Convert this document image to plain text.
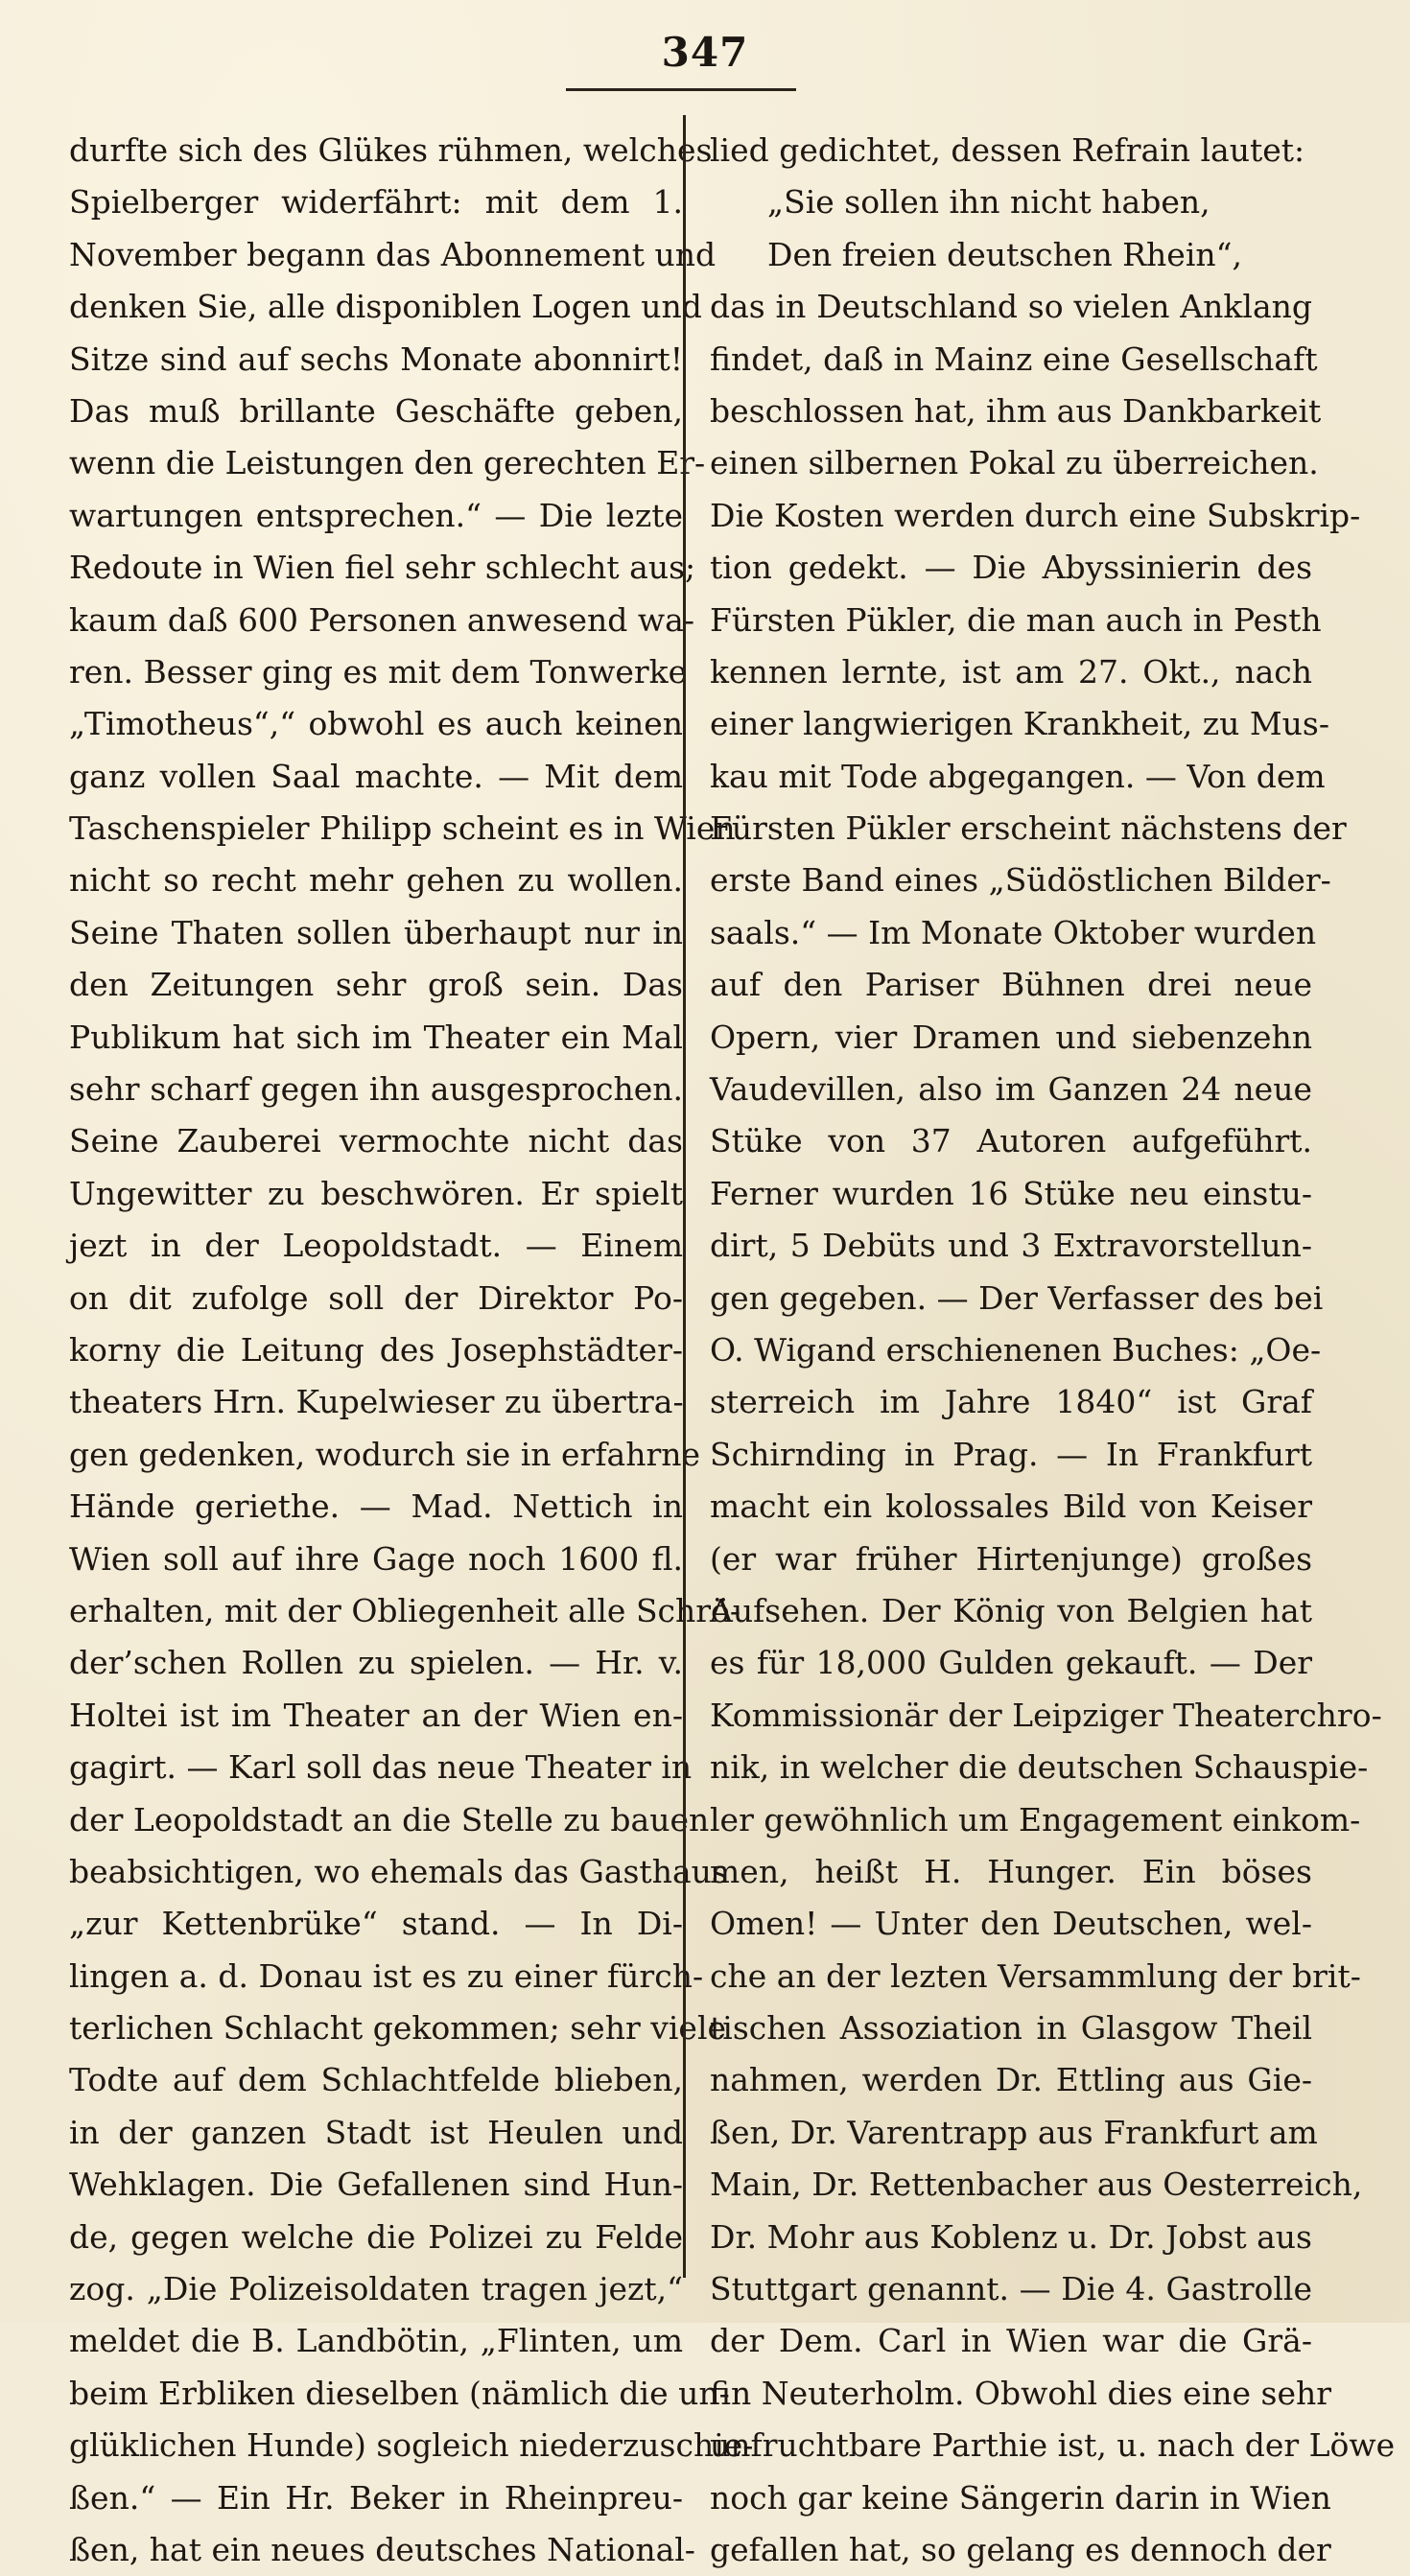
347
durfte sich des Glükes rühmen, welches
Spielberger widerfährt: mit dem 1.
November begann das Abonnement und
denken Sie, alle disponiblen Logen und
Sitze sind auf sechs Monate abonnirt!
Das muß brillante Geschäfte geben,
wenn die Leistungen den gerechten Er-
wartungen entsprechen.“ — Die lezte
Redoute in Wien fiel sehr schlecht aus;
kaum daß 600 Personen anwesend wa-
ren. Besser ging es mit dem Tonwerke
„Timotheus“,“ obwohl es auch keinen
ganz vollen Saal machte. — Mit dem
Taschenspieler Philipp scheint es in Wien
nicht so recht mehr gehen zu wollen.
Seine Thaten sollen überhaupt nur in
den Zeitungen sehr groß sein. Das
Publikum hat sich im Theater ein Mal
sehr scharf gegen ihn ausgesprochen.
Seine Zauberei vermochte nicht das
Ungewitter zu beschwören. Er spielt
jezt in der Leopoldstadt. — Einem
on dit zufolge soll der Direktor Po-
korny die Leitung des Josephstädter-
theaters Hrn. Kupelwieser zu übertra-
gen gedenken, wodurch sie in erfahrne
Hände geriethe. — Mad. Nettich in
Wien soll auf ihre Gage noch 1600 fl.
erhalten, mit der Obliegenheit alle Schrö-
der’schen Rollen zu spielen. — Hr. v.
Holtei ist im Theater an der Wien en-
gagirt. — Karl soll das neue Theater in
der Leopoldstadt an die Stelle zu bauen
beabsichtigen, wo ehemals das Gasthaus
„zur Kettenbrüke“ stand. — In Di-
lingen a. d. Donau ist es zu einer fürch-
terlichen Schlacht gekommen; sehr viele
Todte auf dem Schlachtfelde blieben,
in der ganzen Stadt ist Heulen und
Wehklagen. Die Gefallenen sind Hun-
de, gegen welche die Polizei zu Felde
zog. „Die Polizeisoldaten tragen jezt,“
meldet die B. Landbötin, „Flinten, um
beim Erbliken dieselben (nämlich die un-
glüklichen Hunde) sogleich niederzuschie-
ßen.“ — Ein Hr. Beker in Rheinpreu-
ßen, hat ein neues deutsches National-
lied gedichtet, dessen Refrain lautet:
„Sie sollen ihn nicht haben,
Den freien deutschen Rhein“,
das in Deutschland so vielen Anklang
findet, daß in Mainz eine Gesellschaft
beschlossen hat, ihm aus Dankbarkeit
einen silbernen Pokal zu überreichen.
Die Kosten werden durch eine Subskrip-
tion gedekt. — Die Abyssinierin des
Fürsten Pükler, die man auch in Pesth
kennen lernte, ist am 27. Okt., nach
einer langwierigen Krankheit, zu Mus-
kau mit Tode abgegangen. — Von dem
Fürsten Pükler erscheint nächstens der
erste Band eines „Südöstlichen Bilder-
saals.“ — Im Monate Oktober wurden
auf den Pariser Bühnen drei neue
Opern, vier Dramen und siebenzehn
Vaudevillen, also im Ganzen 24 neue
Stüke von 37 Autoren aufgeführt.
Ferner wurden 16 Stüke neu einstu-
dirt, 5 Debüts und 3 Extravorstellun-
gen gegeben. — Der Verfasser des bei
O. Wigand erschienenen Buches: „Oe-
sterreich im Jahre 1840“ ist Graf
Schirnding in Prag. — In Frankfurt
macht ein kolossales Bild von Keiser
(er war früher Hirtenjunge) großes
Aufsehen. Der König von Belgien hat
es für 18,000 Gulden gekauft. — Der
Kommissionär der Leipziger Theaterchro-
nik, in welcher die deutschen Schauspie-
ler gewöhnlich um Engagement einkom-
men, heißt H. Hunger. Ein böses
Omen! — Unter den Deutschen, wel-
che an der lezten Versammlung der brit-
tischen Assoziation in Glasgow Theil
nahmen, werden Dr. Ettling aus Gie-
ßen, Dr. Varentrapp aus Frankfurt am
Main, Dr. Rettenbacher aus Oesterreich,
Dr. Mohr aus Koblenz u. Dr. Jobst aus
Stuttgart genannt. — Die 4. Gastrolle
der Dem. Carl in Wien war die Grä-
fin Neuterholm. Obwohl dies eine sehr
unfruchtbare Parthie ist, u. nach der Löwe
noch gar keine Sängerin darin in Wien
gefallen hat, so gelang es dennoch der
